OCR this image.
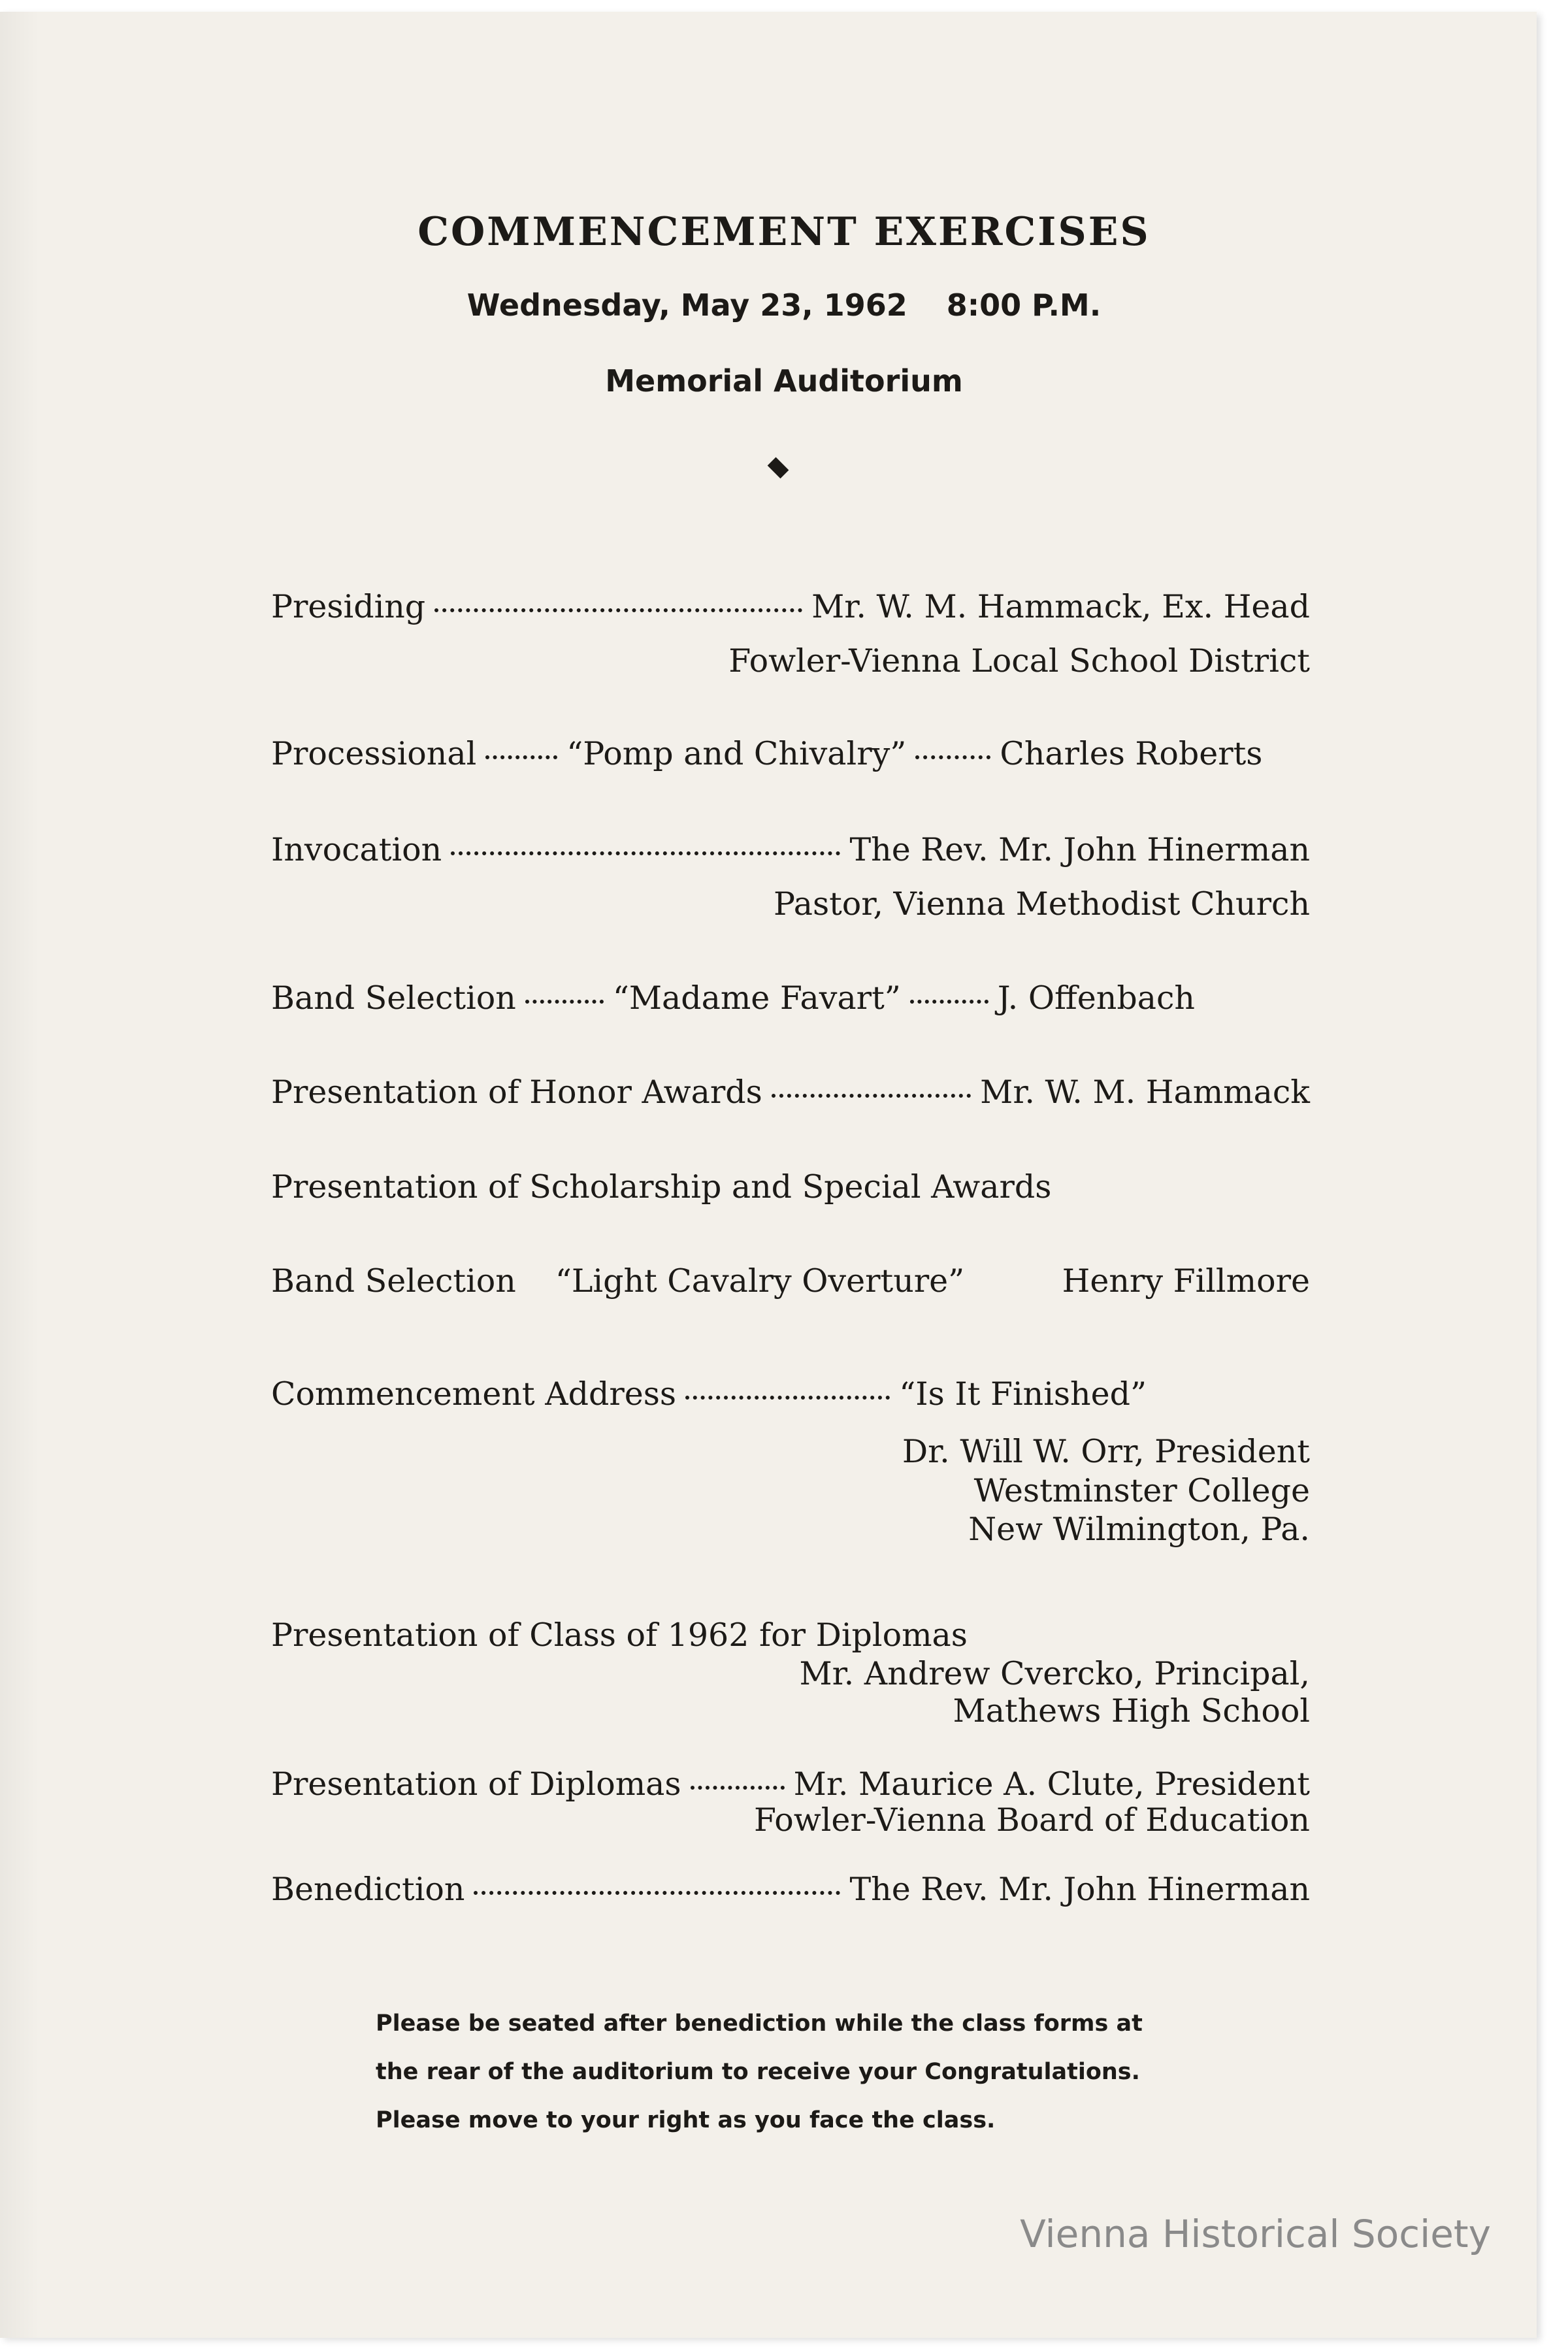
COMMENCEMENT EXERCISES
Wednesday, May 23, 1962 8:00 P.M.
Memorial Auditorium
Presiding	Mr. W. M. Hammack, Ex. Head
Fowler-Vienna Local School District
Processional	“Pomp and Chivalry”	Charles Roberts
Invocation	The Rev. Mr. John Hinerman
Pastor, Vienna Methodist Church
Band Selection	“Madame Favart”	J. Offenbach
Presentation of Honor Awards	Mr. W. M. Hammack
Presentation of Scholarship and Special Awards
Band Selection “Light Cavalry Overture”	Henry Fillmore
Commencement Address	“Is It Finished”
Dr. Will W. Orr, President
Westminster College
New Wilmington, Pa.
Presentation of Class of 1962 for Diplomas
Mr. Andrew Cvercko, Principal,
Mathews High School
Presentation of Diplomas	Mr. Maurice A. Clute, President
Fowler-Vienna Board of Education
Benediction	The Rev. Mr. John Hinerman
Please be seated after benediction while the class forms at
the rear of the auditorium to receive your Congratulations.
Please move to your right as you face the class.
Vienna Historical Society
